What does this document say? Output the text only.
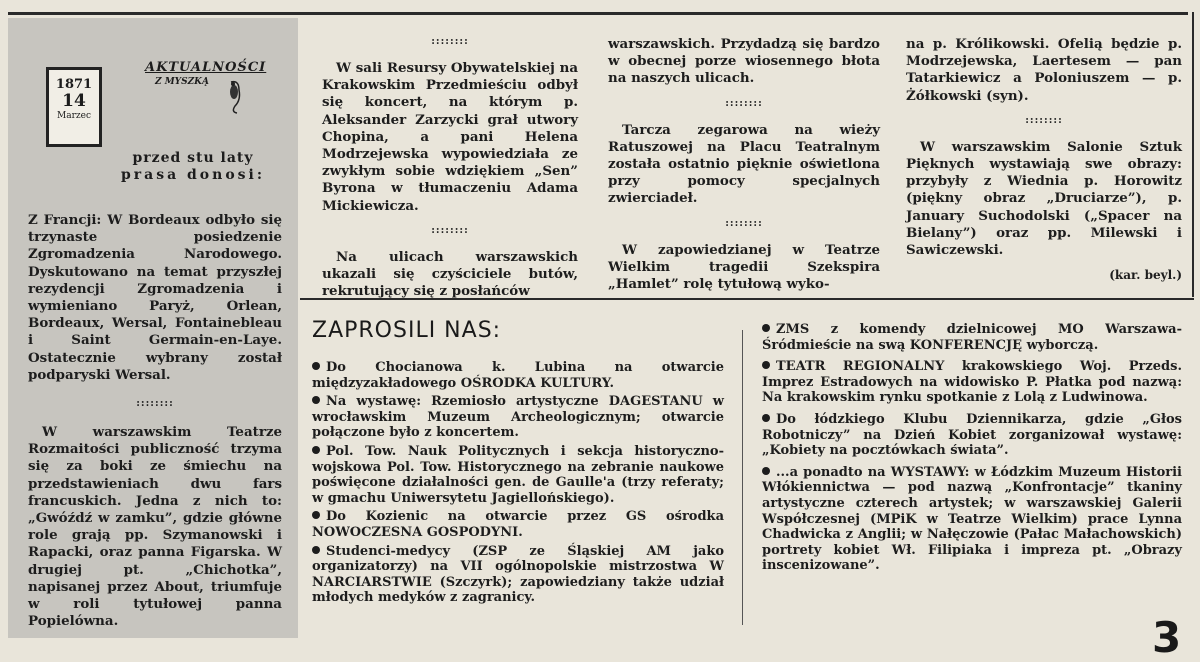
1871
14
Marzec
AKTUALNOŚCI
Z MYSZKĄ
przed stu laty
prasa donosi:

Z Francji: W Bordeaux odbyło się trzynaste posiedzenie Zgromadzenia Narodowego. Dyskutowano na temat przyszłej rezydencji Zgromadzenia i wymieniano Paryż, Orlean, Bordeaux, Wersal, Fontainebleau i Saint Germain-en-Laye. Ostatecznie wybrany został podparyski Wersal.

::::::::

W warszawskim Teatrze Rozmaitości publiczność trzyma się za boki ze śmiechu na przedstawieniach dwu fars francuskich. Jedna z nich to: „Gwóźdź w zamku”, gdzie główne role grają pp. Szymanowski i Rapacki, oraz panna Figarska. W drugiej pt. „Chichotka”, napisanej przez About, triumfuje w roli tytułowej panna Popielówna.

::::::::

W sali Resursy Obywatelskiej na Krakowskim Przedmieściu odbył się koncert, na którym p. Aleksander Zarzycki grał utwory Chopina, a pani Helena Modrzejewska wypowiedziała ze zwykłym sobie wdziękiem „Sen” Byrona w tłumaczeniu Adama Mickiewicza.

::::::::

Na ulicach warszawskich ukazali się czyściciele butów, rekrutujący się z posłańców

warszawskich. Przydadzą się bardzo w obecnej porze wiosennego błota na naszych ulicach.

::::::::

Tarcza zegarowa na wieży Ratuszowej na Placu Teatralnym została ostatnio pięknie oświetlona przy pomocy specjalnych zwierciadeł.

::::::::

W zapowiedzianej w Teatrze Wielkim tragedii Szekspira „Hamlet” rolę tytułową wyko-

na p. Królikowski. Ofelią będzie p. Modrzejewska, Laertesem — pan Tatarkiewicz a Poloniuszem — p. Żółkowski (syn).

::::::::

W warszawskim Salonie Sztuk Pięknych wystawiają swe obrazy: przybyły z Wiednia p. Horowitz (piękny obraz „Druciarze”), p. January Suchodolski („Spacer na Bielany”) oraz pp. Milewski i Sawiczewski.

(kar. beyl.)
ZAPROSILI NAS:

Do Chocianowa k. Lubina na otwarcie międzyzakładowego OŚRODKA KULTURY.

Na wystawę: Rzemiosło artystyczne DAGESTANU w wrocławskim Muzeum Archeologicznym; otwarcie połączone było z koncertem.

Pol. Tow. Nauk Politycznych i sekcja historyczno-wojskowa Pol. Tow. Historycznego na zebranie naukowe poświęcone działalności gen. de Gaulle'a (trzy referaty; w gmachu Uniwersytetu Jagiellońskiego).

Do Kozienic na otwarcie przez GS ośrodka NOWOCZESNA GOSPODYNI.

Studenci-medycy (ZSP ze Śląskiej AM jako organizatorzy) na VII ogólnopolskie mistrzostwa W NARCIARSTWIE (Szczyrk); zapowiedziany także udział młodych medyków z zagranicy.

ZMS z komendy dzielnicowej MO Warszawa-Śródmieście na swą KONFERENCJĘ wyborczą.

TEATR REGIONALNY krakowskiego Woj. Przeds. Imprez Estradowych na widowisko P. Płatka pod nazwą: Na krakowskim rynku spotkanie z Lolą z Ludwinowa.

Do łódzkiego Klubu Dziennikarza, gdzie „Głos Robotniczy” na Dzień Kobiet zorganizował wystawę: „Kobiety na pocztówkach świata”.

...a ponadto na WYSTAWY: w Łódzkim Muzeum Historii Włókiennictwa — pod nazwą „Konfrontacje” tkaniny artystyczne czterech artystek; w warszawskiej Galerii Współczesnej (MPiK w Teatrze Wielkim) prace Lynna Chadwicka z Anglii; w Nałęczowie (Pałac Małachowskich) portrety kobiet Wł. Filipiaka i impreza pt. „Obrazy inscenizowane”.

3
